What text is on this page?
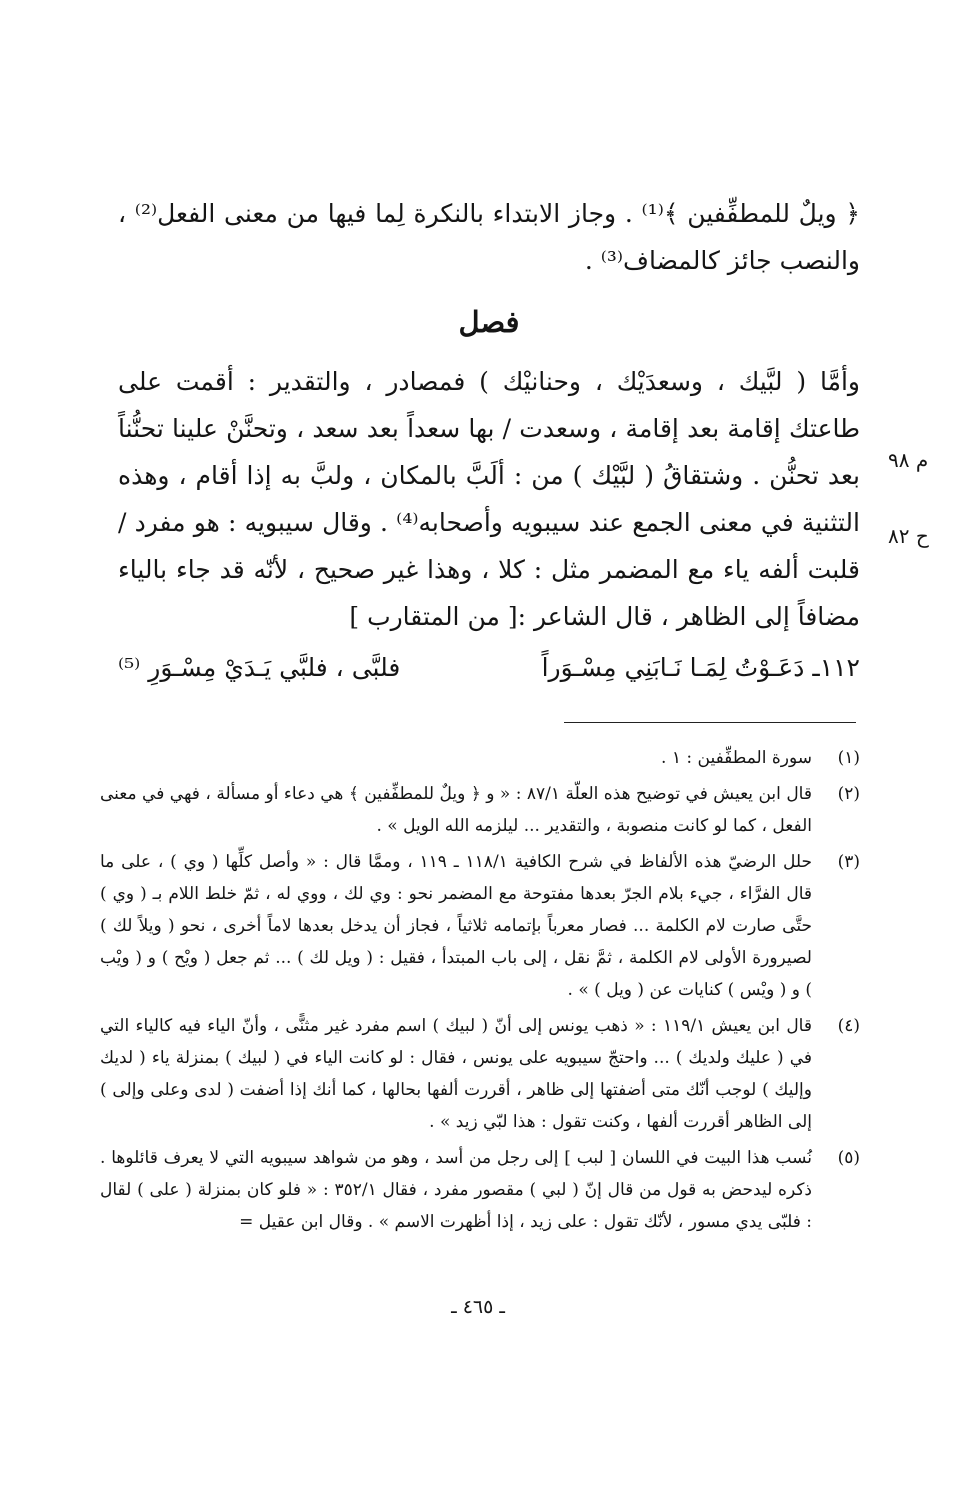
﴿ ويلٌ للمطفِّفين ﴾⁽¹⁾ . وجاز الابتداء بالنكرة لِما فيها من معنى الفعل⁽²⁾ ، والنصب جائز كالمضاف⁽³⁾ .

فصل

وأمَّا ( لبَّيك ، وسعدَيْك ، وحنانيْك ) فمصادر ، والتقدير : أقمت على طاعتك إقامة بعد إقامة ، وسعدت / بها سعداً بعد سعد ، وتحنَّنْ علينا تحنُّناً بعد تحنُّن . وشتقاقُ ( لبَّيْك ) من : ألَبَّ بالمكان ، ولبَّ به إذا أقام ، وهذه التثنية في معنى الجمع عند سيبويه وأصحابه⁽⁴⁾ . وقال سيبويه : هو مفرد / قلبت ألفه ياء مع المضمر مثل : كلا ، وهذا غير صحيح ، لأنّه قد جاء بالياء مضافاً إلى الظاهر ، قال الشاعر :[ من المتقارب ]

١١٢ـ دَعَـوْتُ لِمَـا نَـابَنِي مِسْـوَراً
فلبَّى ، فلبَّي يَـدَيْ مِسْـوَرِ ⁽⁵⁾
م ٩٨
ح ٨٢
(١)
سورة المطفِّفين : ١ .
(٢)
قال ابن يعيش في توضيح هذه العلّة ٨٧/١ : « و ﴿ ويلٌ للمطفِّفين ﴾ هي دعاء أو مسألة ، فهي في معنى الفعل ، كما لو كانت منصوبة ، والتقدير ... ليلزمه الله الويل » .
(٣)
حلل الرضيّ هذه الألفاظ في شرح الكافية ١١٨/١ ـ ١١٩ ، وممَّا قال : « وأصل كلِّها ( وي ) ، على ما قال الفرَّاء ، جيء بلام الجرّ بعدها مفتوحة مع المضمر نحو : وي لك ، ووي له ، ثمّ خلط اللام بـ ( وي ) حتَّى صارت لام الكلمة ... فصار معرباً بإتمامه ثلاثياً ، فجاز أن يدخل بعدها لاماً أخرى ، نحو ( ويلاً لك ) لصيرورة الأولى لام الكلمة ، ثمَّ نقل ، إلى باب المبتدأ ، فقيل : ( ويل لك ) ... ثم جعل ( ويْح ) و ( ويْب ) و ( ويْس ) كنايات عن ( ويل ) » .
(٤)
قال ابن يعيش ١١٩/١ : « ذهب يونس إلى أنّ ( لبيك ) اسم مفرد غير مثنًّى ، وأنّ الياء فيه كالياء التي في ( عليك ولديك ) ... واحتجّ سيبويه على يونس ، فقال : لو كانت الياء في ( لبيك ) بمنزلة ياء ( لديك وإليك ) لوجب أنّك متى أضفتها إلى ظاهر ، أقررت ألفها بحالها ، كما أنك إذا أضفت ( لدى وعلى وإلى ) إلى الظاهر أقررت ألفها ، وكنت تقول : هذا لبّي زيد » .
(٥)
نُسب هذا البيت في اللسان [ لبب ] إلى رجل من أسد ، وهو من شواهد سيبويه التي لا يعرف قائلوها . ذكره ليدحض به قول من قال إنّ ( لبي ) مقصور مفرد ، فقال ٣٥٢/١ : « فلو كان بمنزلة ( على ) لقال : فلبّى يدي مسور ، لأنّك تقول : على زيد ، إذا أظهرت الاسم » . وقال ابن عقيل =
ـ ٤٦٥ ـ
